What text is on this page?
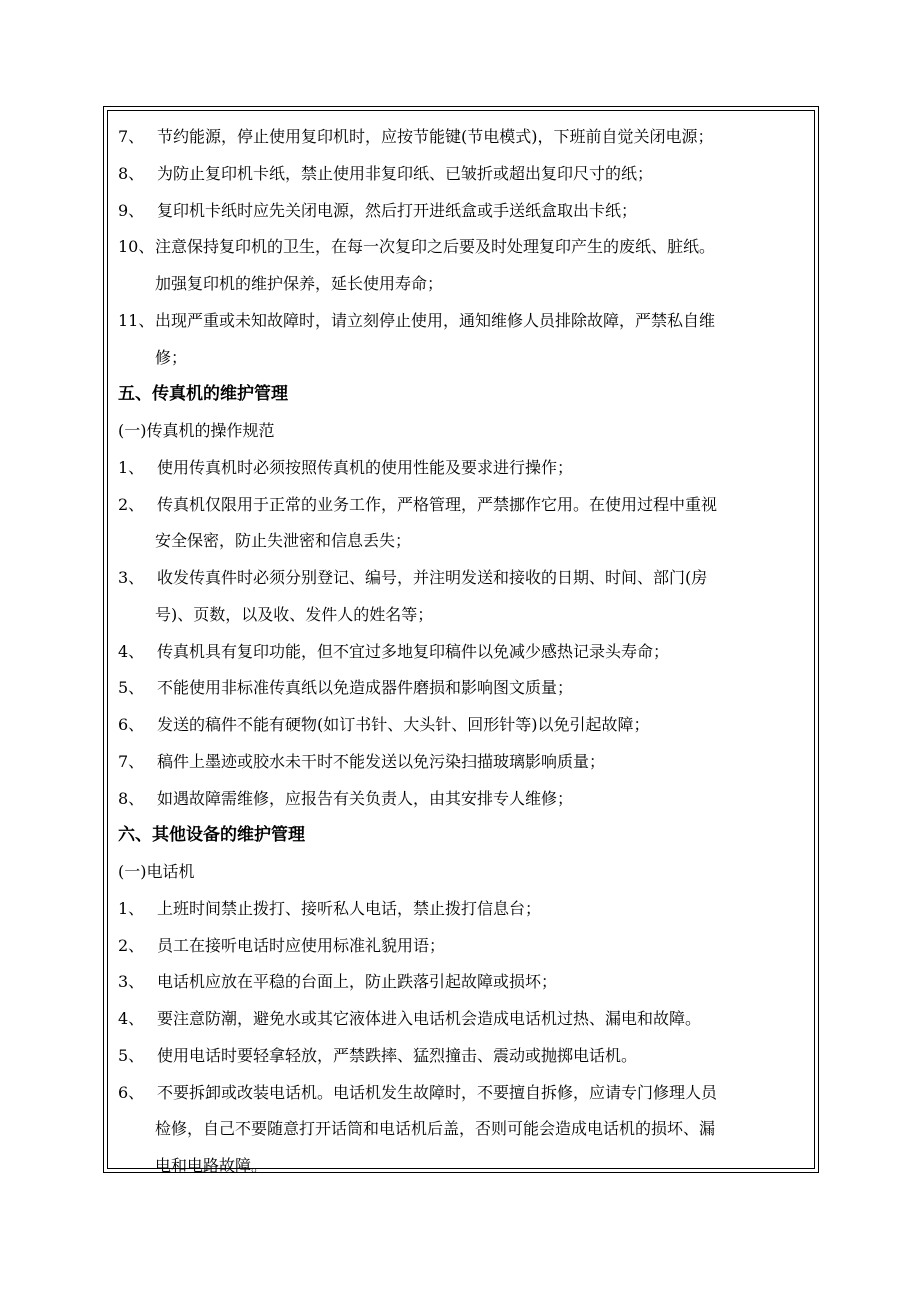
7、 节约能源，停止使用复印机时，应按节能键(节电模式)，下班前自觉关闭电源；
8、 为防止复印机卡纸，禁止使用非复印纸、已皱折或超出复印尺寸的纸；
9、 复印机卡纸时应先关闭电源，然后打开进纸盒或手送纸盒取出卡纸；
10、 注意保持复印机的卫生，在每一次复印之后要及时处理复印产生的废纸、脏纸。
加强复印机的维护保养，延长使用寿命；
11、 出现严重或未知故障时，请立刻停止使用，通知维修人员排除故障，严禁私自维
修；
五、传真机的维护管理
(一)传真机的操作规范
1、 使用传真机时必须按照传真机的使用性能及要求进行操作；
2、 传真机仅限用于正常的业务工作，严格管理，严禁挪作它用。在使用过程中重视
安全保密，防止失泄密和信息丢失；
3、 收发传真件时必须分别登记、编号，并注明发送和接收的日期、时间、部门(房
号)、页数，以及收、发件人的姓名等；
4、 传真机具有复印功能，但不宜过多地复印稿件以免减少感热记录头寿命；
5、 不能使用非标准传真纸以免造成器件磨损和影响图文质量；
6、 发送的稿件不能有硬物(如订书针、大头针、回形针等)以免引起故障；
7、 稿件上墨迹或胶水未干时不能发送以免污染扫描玻璃影响质量；
8、 如遇故障需维修，应报告有关负责人，由其安排专人维修；
六、其他设备的维护管理
(一)电话机
1、 上班时间禁止拨打、接听私人电话，禁止拨打信息台；
2、 员工在接听电话时应使用标准礼貌用语；
3、 电话机应放在平稳的台面上，防止跌落引起故障或损坏；
4、 要注意防潮，避免水或其它液体进入电话机会造成电话机过热、漏电和故障。
5、 使用电话时要轻拿轻放，严禁跌摔、猛烈撞击、震动或抛掷电话机。
6、 不要拆卸或改装电话机。电话机发生故障时，不要擅自拆修，应请专门修理人员
检修，自己不要随意打开话筒和电话机后盖，否则可能会造成电话机的损坏、漏
电和电路故障。
